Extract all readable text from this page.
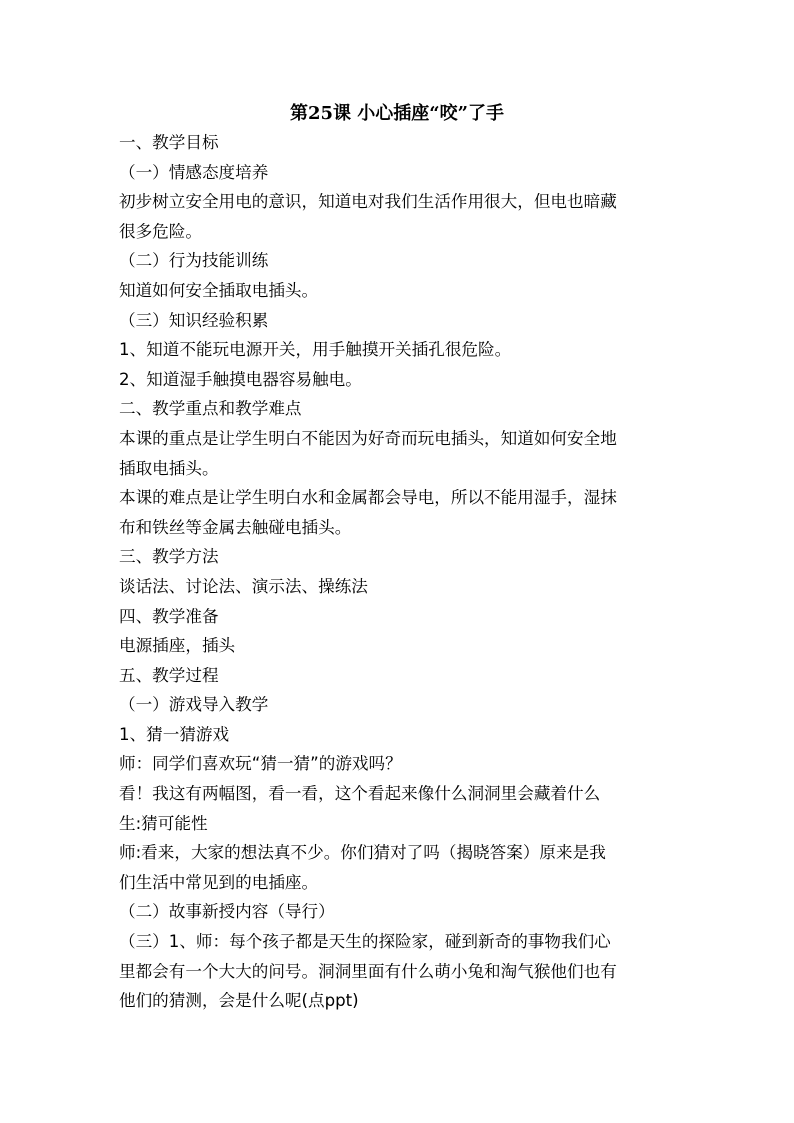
第25课 小心插座“咬”了手
一、教学目标
（一）情感态度培养
初步树立安全用电的意识，知道电对我们生活作用很大，但电也暗藏
很多危险。
（二）行为技能训练
知道如何安全插取电插头。
（三）知识经验积累
1、知道不能玩电源开关，用手触摸开关插孔很危险。
2、知道湿手触摸电器容易触电。
二、教学重点和教学难点
本课的重点是让学生明白不能因为好奇而玩电插头，知道如何安全地
插取电插头。
本课的难点是让学生明白水和金属都会导电，所以不能用湿手，湿抹
布和铁丝等金属去触碰电插头。
三、教学方法
谈话法、讨论法、演示法、操练法
四、教学准备
电源插座，插头
五、教学过程
（一）游戏导入教学
1、猜一猜游戏
师：同学们喜欢玩“猜一猜”的游戏吗？
看！我这有两幅图，看一看，这个看起来像什么洞洞里会藏着什么
生:猜可能性
师:看来，大家的想法真不少。你们猜对了吗（揭晓答案）原来是我
们生活中常见到的电插座。
（二）故事新授内容（导行）
（三）1、师：每个孩子都是天生的探险家，碰到新奇的事物我们心
里都会有一个大大的问号。洞洞里面有什么萌小兔和淘气猴他们也有
他们的猜测，会是什么呢(点ppt)
